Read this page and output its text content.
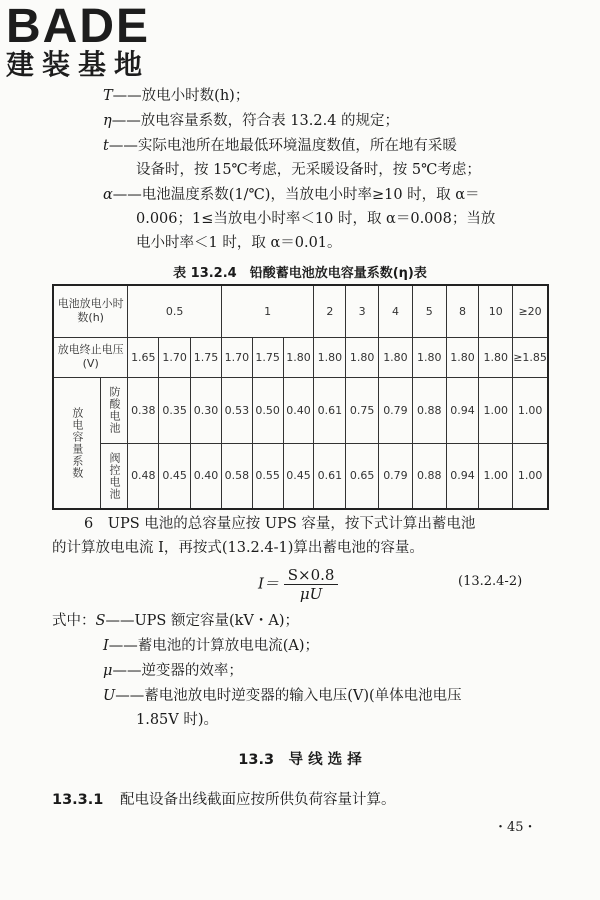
BADE
建装基地
T——放电小时数(h)；
η——放电容量系数，符合表 13.2.4 的规定；
t——实际电池所在地最低环境温度数值，所在地有采暖
设备时，按 15℃考虑，无采暖设备时，按 5℃考虑；
α——电池温度系数(1/℃)，当放电小时率≥10 时，取 α＝
0.006；1≤当放电小时率＜10 时，取 α＝0.008；当放
电小时率＜1 时，取 α＝0.01。
表 13.2.4　铅酸蓄电池放电容量系数(η)表
电池放电小时数(h)		0.5			1			2	3	4	5	8	10	≥20
放电终止电压(V)		1.65	1.70	1.75	1.70	1.75	1.80	1.80	1.80	1.80	1.80	1.80	1.80	≥1.85
放电容量系数	防酸电池	0.38	0.35	0.30	0.53	0.50	0.40	0.61	0.75	0.79	0.88	0.94	1.00	1.00
	阀控电池	0.48	0.45	0.40	0.58	0.55	0.45	0.61	0.65	0.79	0.88	0.94	1.00	1.00
6　UPS 电池的总容量应按 UPS 容量，按下式计算出蓄电池
的计算放电电流 I，再按式(13.2.4-1)算出蓄电池的容量。
$I= \frac{S\times 0.8}{\mu U}$	(13.2.4-2)
式中：S——UPS 额定容量(kV・A)；
I——蓄电池的计算放电电流(A)；
μ——逆变器的效率；
U——蓄电池放电时逆变器的输入电压(V)(单体电池电压
1.85V 时)。
13.3　导 线 选 择
13.3.1 配电设备出线截面应按所供负荷容量计算。
・45・
